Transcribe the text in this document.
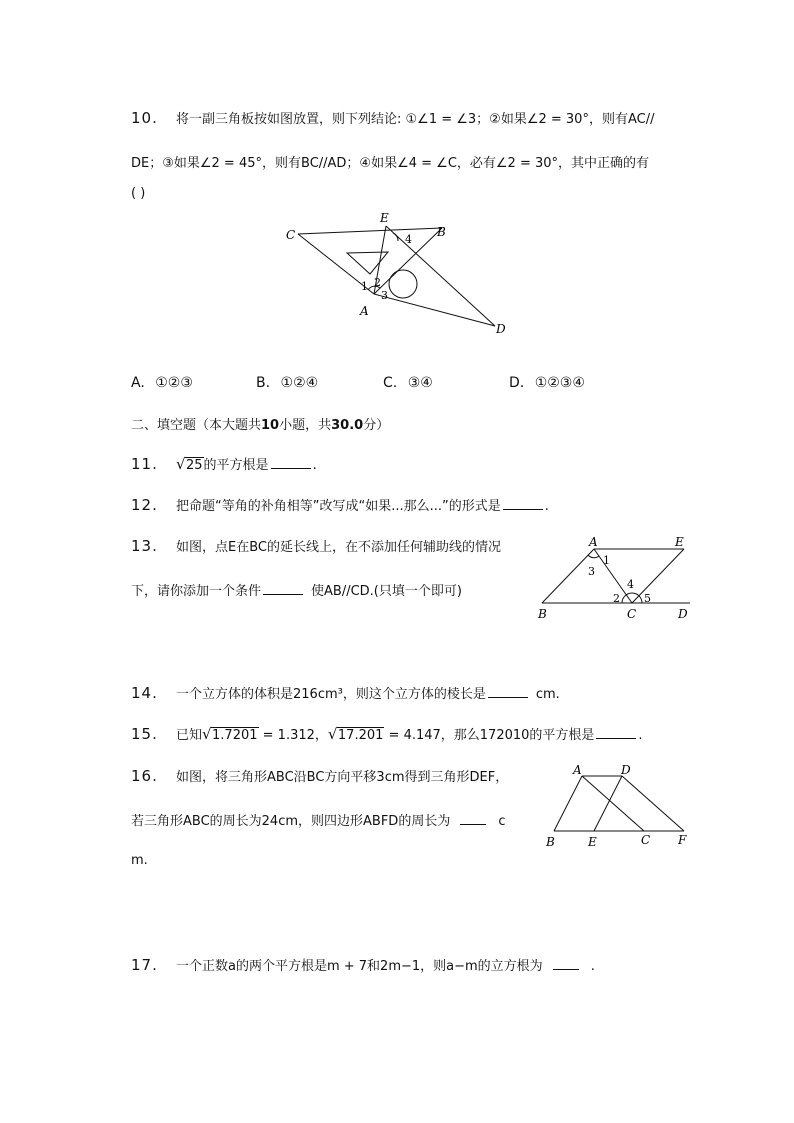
10. 将一副三角板按如图放置，则下列结论: ①∠1 = ∠3；②如果∠2 = 30°，则有AC//
DE；③如果∠2 = 45°，则有BC//AD；④如果∠4 = ∠C，必有∠2 = 30°，其中正确的有
( )
C
E
B
A
D
4
1 2
3
A. ①②③	B. ①②④	C. ③④	D. ①②③④
二、填空题（本大题共10小题，共30.0分）
11. √ 25的平方根是	.
12. 把命题“等角的补角相等”改写成“如果...那么...”的形式是	.
13. 如图，点E在BC的延长线上，在不添加任何辅助线的情况
下，请你添加一个条件	使AB//CD.(只填一个即可)
A	E
B	C	D
1
3
4
2 5
14. 一个立方体的体积是216cm³，则这个立方体的棱长是	cm.
15. 已知 √ 1.7201 = 1.312， √ 17.201 = 4.147，那么172010的平方根是	.
16. 如图，将三角形ABC沿BC方向平移3cm得到三角形DEF，
若三角形ABC的周长为24cm，则四边形ABFD的周长为	c
m.
A	D
B	E	C F
17. 一个正数a的两个平方根是m + 7和2m−1，则a−m的立方根为	.
